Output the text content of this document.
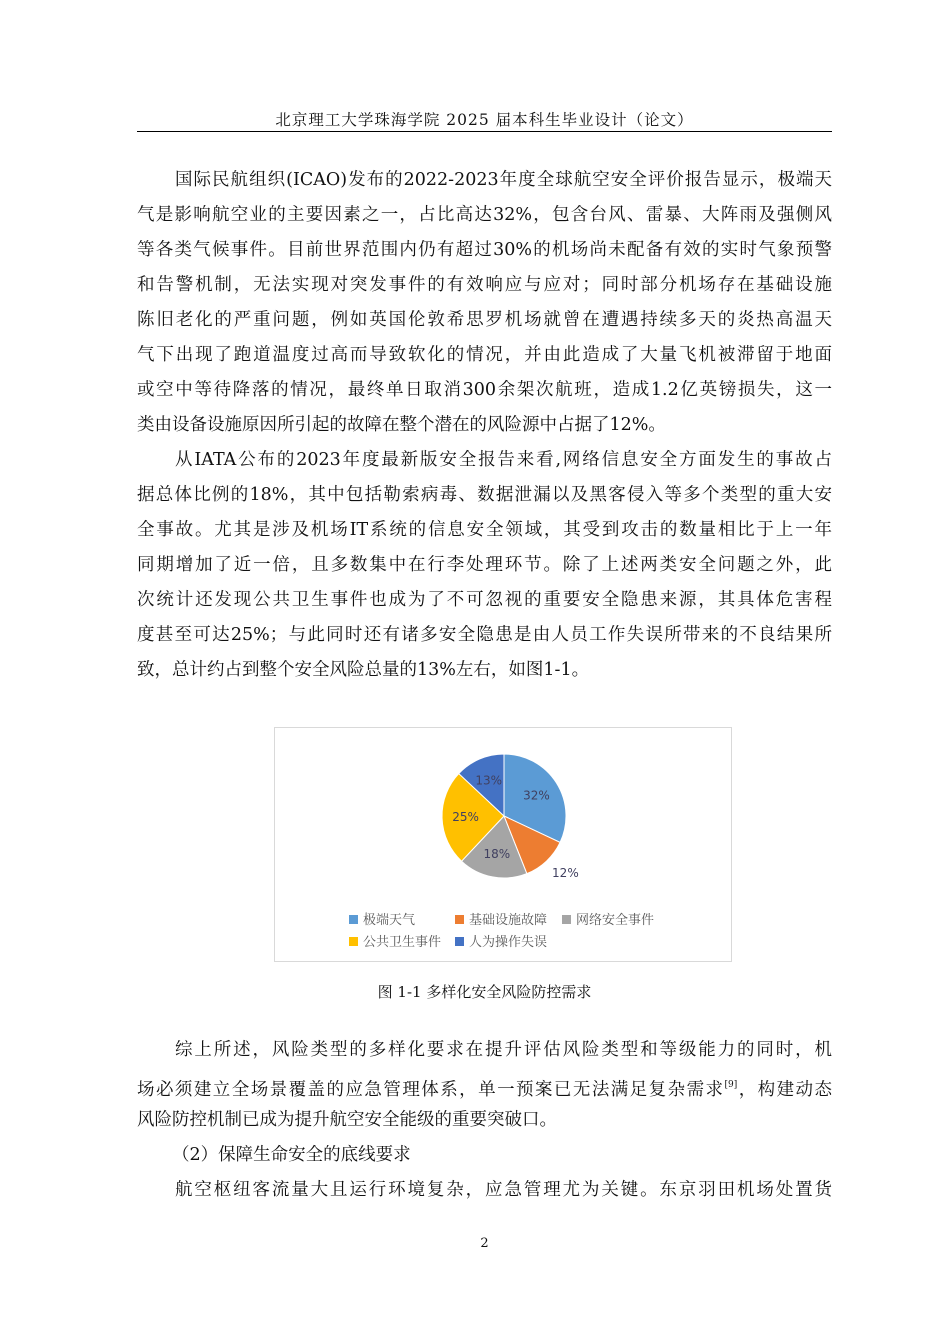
北京理工大学珠海学院 2025 届本科生毕业设计（论文）
国际民航组织(ICAO)发布的2022-2023年度全球航空安全评价报告显示，极端天
气是影响航空业的主要因素之一，占比高达32%，包含台风、雷暴、大阵雨及强侧风
等各类气候事件。目前世界范围内仍有超过30%的机场尚未配备有效的实时气象预警
和告警机制，无法实现对突发事件的有效响应与应对；同时部分机场存在基础设施
陈旧老化的严重问题，例如英国伦敦希思罗机场就曾在遭遇持续多天的炎热高温天
气下出现了跑道温度过高而导致软化的情况，并由此造成了大量飞机被滞留于地面
或空中等待降落的情况，最终单日取消300余架次航班，造成1.2亿英镑损失，这一
类由设备设施原因所引起的故障在整个潜在的风险源中占据了12%。
从IATA公布的2023年度最新版安全报告来看,网络信息安全方面发生的事故占
据总体比例的18%，其中包括勒索病毒、数据泄漏以及黑客侵入等多个类型的重大安
全事故。尤其是涉及机场IT系统的信息安全领域，其受到攻击的数量相比于上一年
同期增加了近一倍，且多数集中在行李处理环节。除了上述两类安全问题之外，此
次统计还发现公共卫生事件也成为了不可忽视的重要安全隐患来源，其具体危害程
度甚至可达25%；与此同时还有诸多安全隐患是由人员工作失误所带来的不良结果所
致，总计约占到整个安全风险总量的13%左右，如图1-1。
32%
12%
18%
25%
13%
极端天气	基础设施故障	网络安全事件
公共卫生事件	人为操作失误
图 1-1 多样化安全风险防控需求
综上所述，风险类型的多样化要求在提升评估风险类型和等级能力的同时，机
场必须建立全场景覆盖的应急管理体系，单一预案已无法满足复杂需求[9]，构建动态
风险防控机制已成为提升航空安全能级的重要突破口。
（2）保障生命安全的底线要求
航空枢纽客流量大且运行环境复杂，应急管理尤为关键。东京羽田机场处置货
2
